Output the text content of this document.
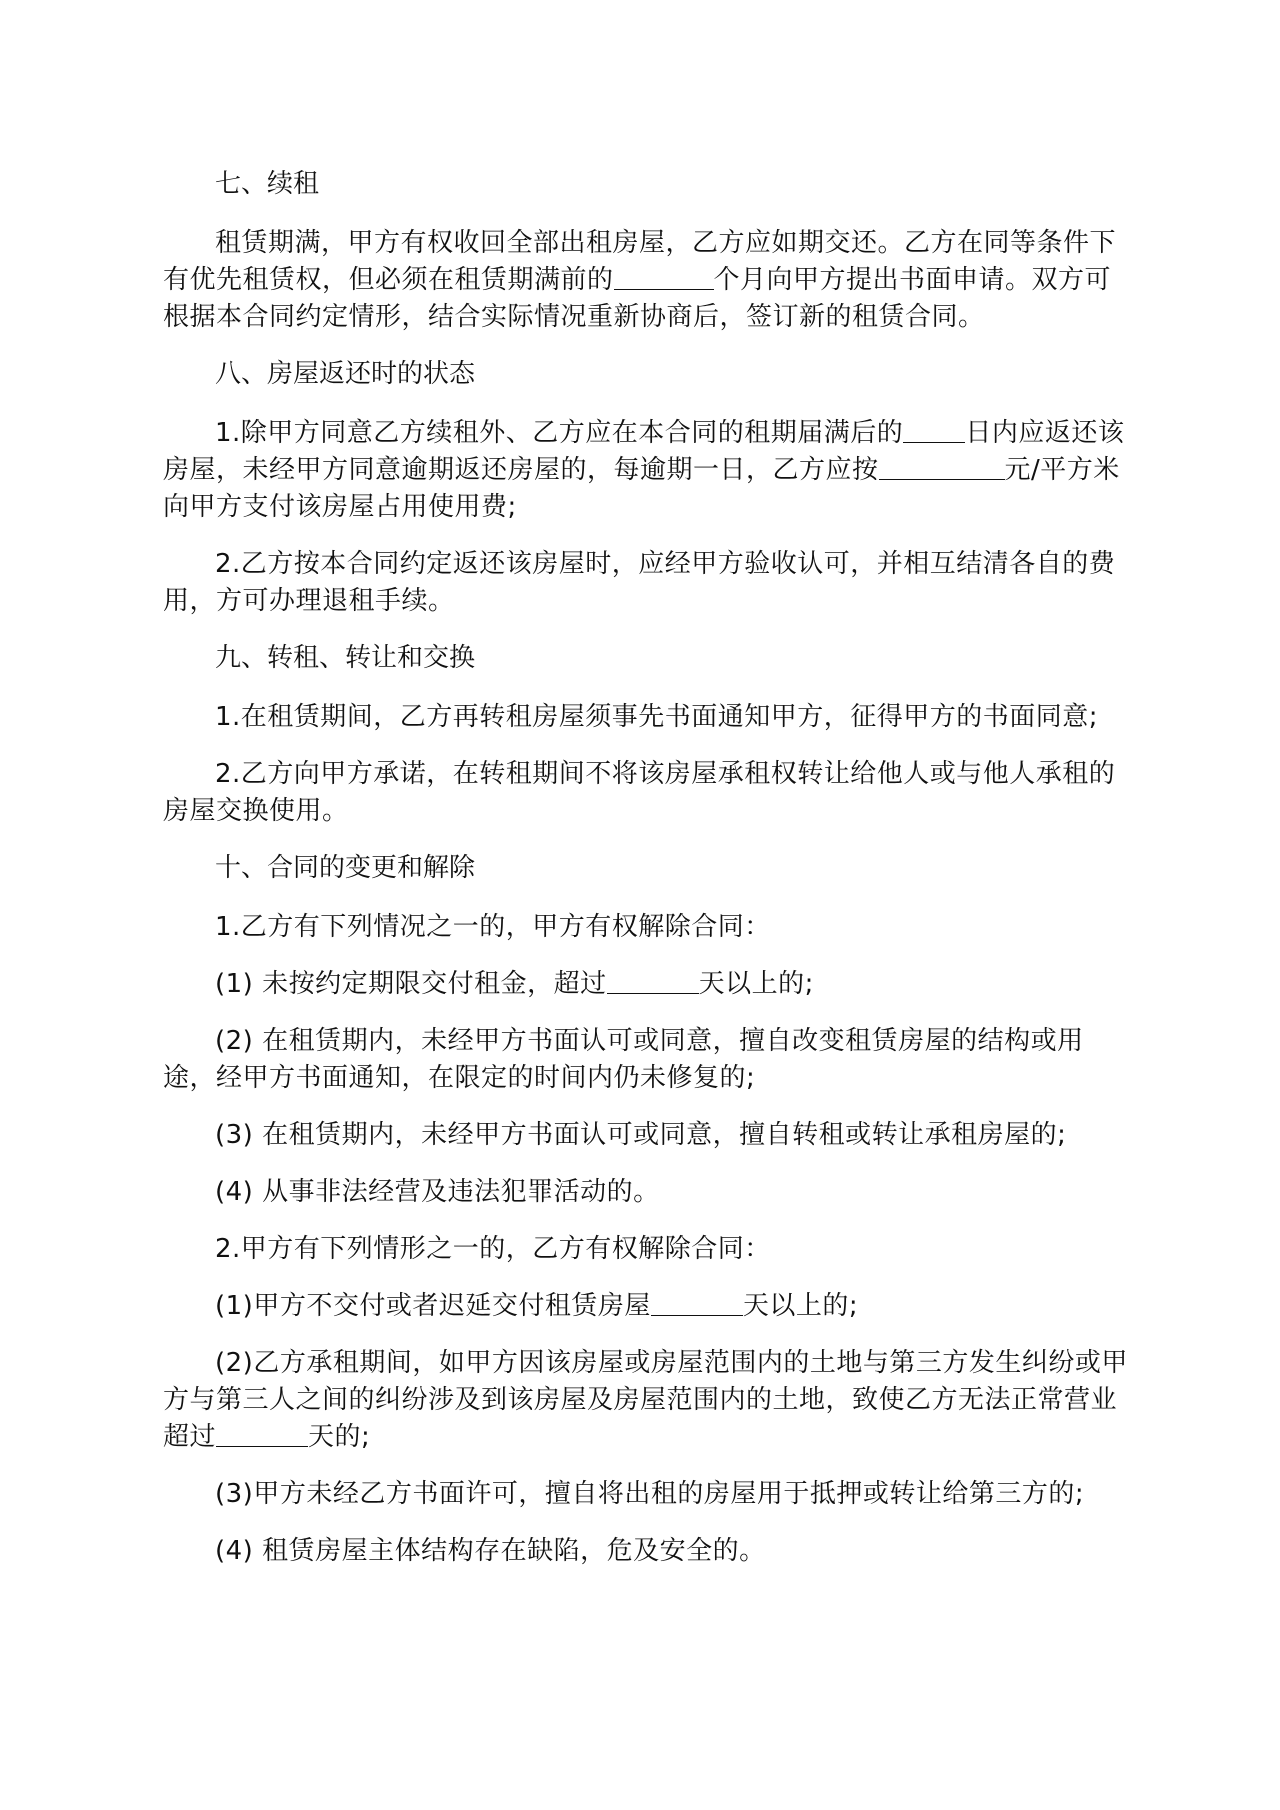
七、续租

租赁期满，甲方有权收回全部出租房屋，乙方应如期交还。乙方在同等条件下有优先租赁权，但必须在租赁期满前的	个月向甲方提出书面申请。双方可根据本合同约定情形，结合实际情况重新协商后，签订新的租赁合同。

八、房屋返还时的状态

1.除甲方同意乙方续租外、乙方应在本合同的租期届满后的 日内应返还该房屋，未经甲方同意逾期返还房屋的，每逾期一日，乙方应按	元/平方米向甲方支付该房屋占用使用费;

2.乙方按本合同约定返还该房屋时，应经甲方验收认可，并相互结清各自的费用，方可办理退租手续。

九、转租、转让和交换

1.在租赁期间，乙方再转租房屋须事先书面通知甲方，征得甲方的书面同意;

2.乙方向甲方承诺，在转租期间不将该房屋承租权转让给他人或与他人承租的房屋交换使用。

十、合同的变更和解除

1.乙方有下列情况之一的，甲方有权解除合同：

(1) 未按约定期限交付租金，超过	天以上的;

(2) 在租赁期内，未经甲方书面认可或同意，擅自改变租赁房屋的结构或用途，经甲方书面通知，在限定的时间内仍未修复的;

(3) 在租赁期内，未经甲方书面认可或同意，擅自转租或转让承租房屋的;

(4) 从事非法经营及违法犯罪活动的。

2.甲方有下列情形之一的，乙方有权解除合同：

(1)甲方不交付或者迟延交付租赁房屋	天以上的;

(2)乙方承租期间，如甲方因该房屋或房屋范围内的土地与第三方发生纠纷或甲方与第三人之间的纠纷涉及到该房屋及房屋范围内的土地，致使乙方无法正常营业超过	天的;

(3)甲方未经乙方书面许可，擅自将出租的房屋用于抵押或转让给第三方的;

(4) 租赁房屋主体结构存在缺陷，危及安全的。
